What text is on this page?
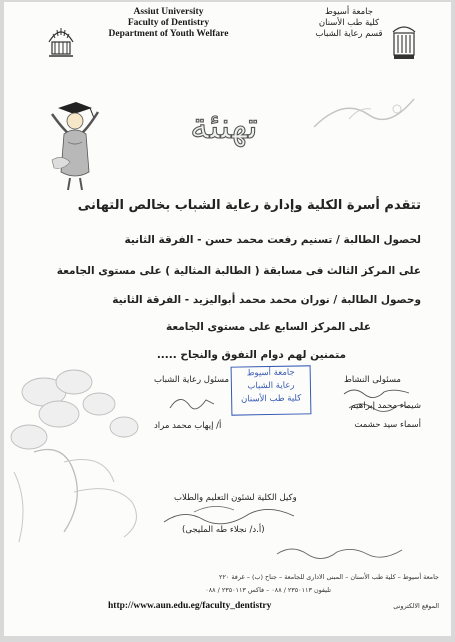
Assiut University
Faculty of Dentistry
Department of Youth Welfare
جامعة أسيوط
كلية طب الأسنان
قسم رعاية الشباب
تهنئة
تتقدم أسرة الكلية وإدارة رعاية الشباب بخالص التهانى
لحصول الطالبة / تسنيم رفعت محمد حسن - الفرقة الثانية
على المركز الثالث فى مسابقة ( الطالبة المثالية ) على مستوى الجامعة
وحصول الطالبة / نوران محمد محمد أبواليزيد - الفرقة الثانية
على المركز السابع على مستوى الجامعة
متمنين لهم دوام التفوق والنجاح .....
مسئولى النشاط
شيماء محمد إبراهيم
أسماء سيد حشمت
جامعة أسيوط
رعاية الشباب
كلية طب الأسنان
مسئول رعاية الشباب
أ/ إيهاب محمد مراد
وكيل الكلية لشئون التعليم والطلاب
(أ.د/ نجلاء طه المليجى)
جامعة أسيوط – كلية طب الأسنان – المبنى الادارى للجامعة – جناح (ب) – غرفة ٢٢٠
تليفون ٢٣٥٠١١٣ / ٠٨٨ – فاكس ٢٣٥٠١١٣ / ٠٨٨
الموقع الالكترونى
http://www.aun.edu.eg/faculty_dentistry
